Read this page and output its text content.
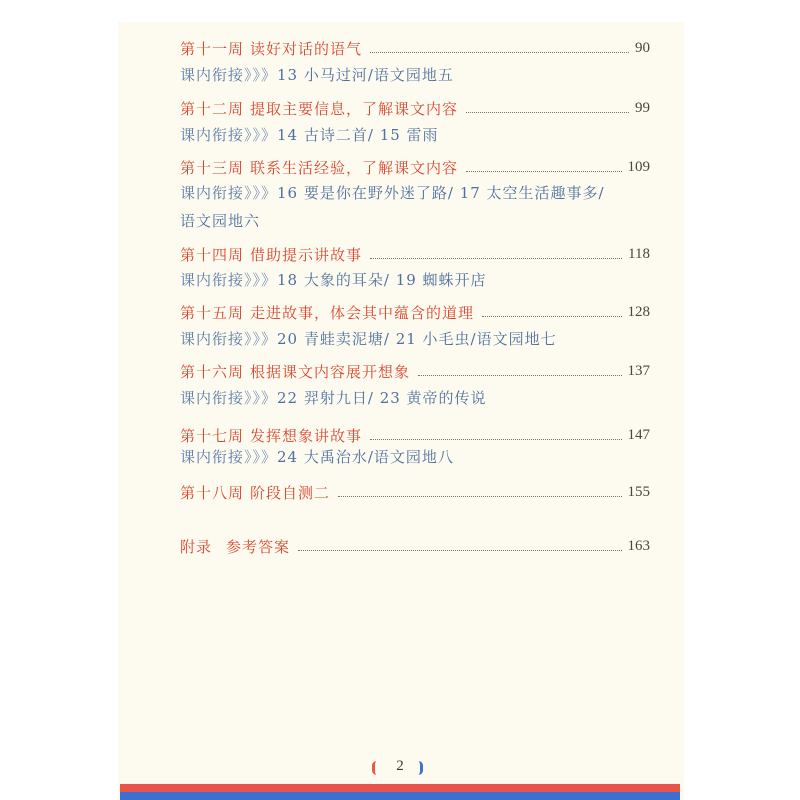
第十一周 读好对话的语气	90
课内衔接》》》13 小马过河/语文园地五
第十二周 提取主要信息，了解课文内容	99
课内衔接》》》14 古诗二首/ 15 雷雨
第十三周 联系生活经验，了解课文内容	109
课内衔接》》》16 要是你在野外迷了路/ 17 太空生活趣事多/
语文园地六
第十四周 借助提示讲故事	118
课内衔接》》》18 大象的耳朵/ 19 蜘蛛开店
第十五周 走进故事，体会其中蕴含的道理	128
课内衔接》》》20 青蛙卖泥塘/ 21 小毛虫/语文园地七
第十六周 根据课文内容展开想象	137
课内衔接》》》22 羿射九日/ 23 黄帝的传说
第十七周 发挥想象讲故事	147
课内衔接》》》24 大禹治水/语文园地八
第十八周 阶段自测二	155
附录 参考答案	163
2
